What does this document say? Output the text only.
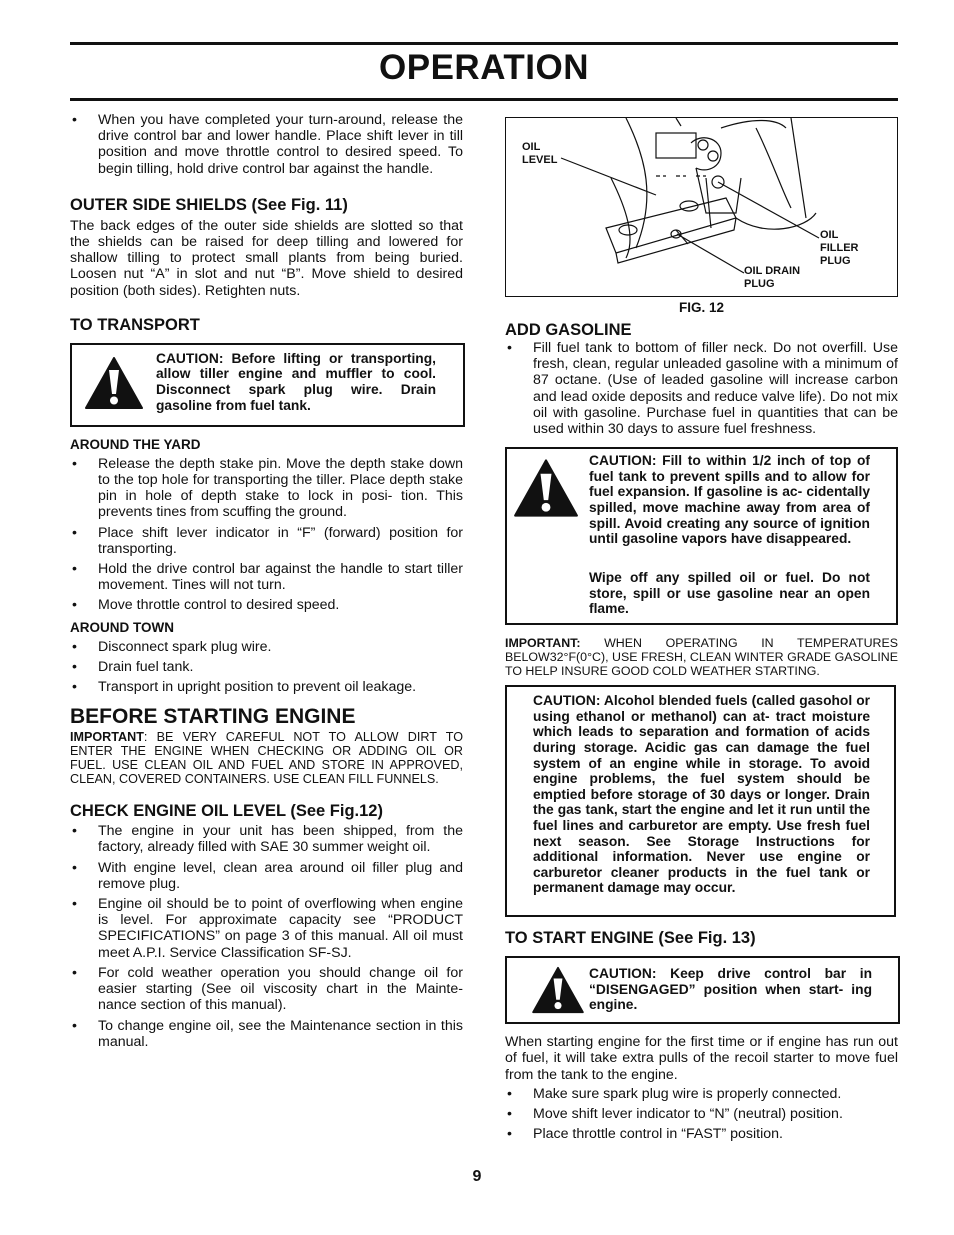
OPERATION
• When you have completed your turn-around, release the drive control bar and lower handle. Place shift lever in till position and move throttle control to desired speed. To begin tilling, hold drive control bar against the handle.

OUTER SIDE SHIELDS (See Fig. 11)

The back edges of the outer side shields are slotted so that the shields can be raised for deep tilling and lowered for shallow tilling to protect small plants from being buried. Loosen nut “A” in slot and nut “B”. Move shield to desired position (both sides). Retighten nuts.

TO TRANSPORT

CAUTION: Before lifting or transporting, allow tiller engine and muffler to cool. Disconnect spark plug wire. Drain gasoline from fuel tank.

AROUND THE YARD

• Release the depth stake pin. Move the depth stake down to the top hole for transporting the tiller. Place depth stake pin in hole of depth stake to lock in posi- tion. This prevents tines from scuffing the ground.
• Place shift lever indicator in “F” (forward) position for transporting.
• Hold the drive control bar against the handle to start tiller movement. Tines will not turn.
• Move throttle control to desired speed.

AROUND TOWN

• Disconnect spark plug wire.
• Drain fuel tank.
• Transport in upright position to prevent oil leakage.

BEFORE STARTING ENGINE

IMPORTANT: BE VERY CAREFUL NOT TO ALLOW DIRT TO ENTER THE ENGINE WHEN CHECKING OR ADDING OIL OR FUEL. USE CLEAN OIL AND FUEL AND STORE IN APPROVED, CLEAN, COVERED CONTAINERS. USE CLEAN FILL FUNNELS.

CHECK ENGINE OIL LEVEL (See Fig.12)

• The engine in your unit has been shipped, from the factory, already filled with SAE 30 summer weight oil.
• With engine level, clean area around oil filler plug and remove plug.
• Engine oil should be to point of overflowing when engine is level. For approximate capacity see “PRODUCT SPECIFICATIONS” on page 3 of this manual. All oil must meet A.P.I. Service Classification SF-SJ.
• For cold weather operation you should change oil for easier starting (See oil viscosity chart in the Mainte- nance section of this manual).
• To change engine oil, see the Maintenance section in this manual.
OIL
LEVEL
OIL
FILLER
PLUG
OIL DRAIN
PLUG
FIG. 12

ADD GASOLINE

• Fill fuel tank to bottom of filler neck. Do not overfill. Use fresh, clean, regular unleaded gasoline with a minimum of 87 octane. (Use of leaded gasoline will increase carbon and lead oxide deposits and reduce valve life). Do not mix oil with gasoline. Purchase fuel in quantities that can be used within 30 days to assure fuel freshness.

CAUTION: Fill to within 1/2 inch of top of fuel tank to prevent spills and to allow for fuel expansion. If gasoline is ac- cidentally spilled, move machine away from area of spill. Avoid creating any source of ignition until gasoline vapors have disappeared.

Wipe off any spilled oil or fuel. Do not store, spill or use gasoline near an open flame.

IMPORTANT: WHEN OPERATING IN TEMPERATURES BELOW32°F(0°C), USE FRESH, CLEAN WINTER GRADE GASOLINE TO HELP INSURE GOOD COLD WEATHER STARTING.

CAUTION: Alcohol blended fuels (called gasohol or using ethanol or methanol) can at- tract moisture which leads to separation and formation of acids during storage. Acidic gas can damage the fuel system of an engine while in storage. To avoid engine problems, the fuel system should be emptied before storage of 30 days or longer. Drain the gas tank, start the engine and let it run until the fuel lines and carburetor are empty. Use fresh fuel next season. See Storage Instructions for additional information. Never use engine or carburetor cleaner products in the fuel tank or permanent damage may occur.

TO START ENGINE (See Fig. 13)

CAUTION: Keep drive control bar in “DISENGAGED” position when start- ing engine.

When starting engine for the first time or if engine has run out of fuel, it will take extra pulls of the recoil starter to move fuel from the tank to the engine.

• Make sure spark plug wire is properly connected.
• Move shift lever indicator to “N” (neutral) position.
• Place throttle control in “FAST” position.
9
